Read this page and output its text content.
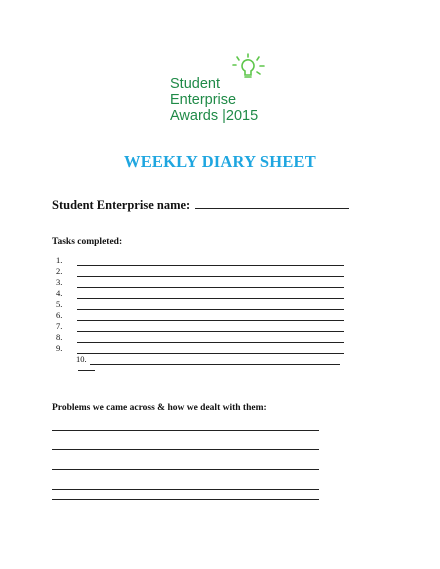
Student
Enterprise
Awards |2015
WEEKLY DIARY SHEET
Student Enterprise name:
Tasks completed:
1.
2.
3.
4.
5.
6.
7.
8.
9.
10.
Problems we came across & how we dealt with them:
